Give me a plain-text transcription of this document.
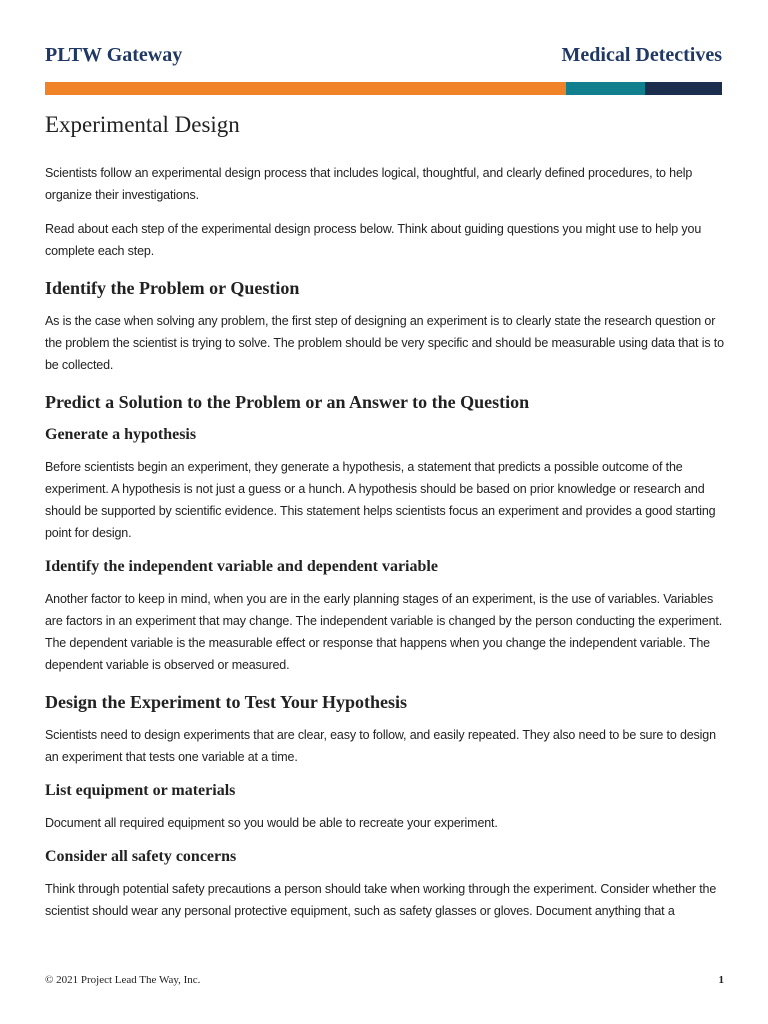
PLTW Gateway	Medical Detectives
Experimental Design

Scientists follow an experimental design process that includes logical, thoughtful, and clearly defined procedures, to help organize their investigations.

Read about each step of the experimental design process below. Think about guiding questions you might use to help you complete each step.

Identify the Problem or Question

As is the case when solving any problem, the first step of designing an experiment is to clearly state the research question or the problem the scientist is trying to solve. The problem should be very specific and should be measurable using data that is to be collected.

Predict a Solution to the Problem or an Answer to the Question
Generate a hypothesis

Before scientists begin an experiment, they generate a hypothesis, a statement that predicts a possible outcome of the experiment. A hypothesis is not just a guess or a hunch. A hypothesis should be based on prior knowledge or research and should be supported by scientific evidence. This statement helps scientists focus an experiment and provides a good starting point for design.

Identify the independent variable and dependent variable

Another factor to keep in mind, when you are in the early planning stages of an experiment, is the use of variables. Variables are factors in an experiment that may change. The independent variable is changed by the person conducting the experiment. The dependent variable is the measurable effect or response that happens when you change the independent variable. The dependent variable is observed or measured.

Design the Experiment to Test Your Hypothesis

Scientists need to design experiments that are clear, easy to follow, and easily repeated. They also need to be sure to design an experiment that tests one variable at a time.

List equipment or materials

Document all required equipment so you would be able to recreate your experiment.

Consider all safety concerns

Think through potential safety precautions a person should take when working through the experiment. Consider whether the scientist should wear any personal protective equipment, such as safety glasses or gloves. Document anything that a

© 2021 Project Lead The Way, Inc.	1
